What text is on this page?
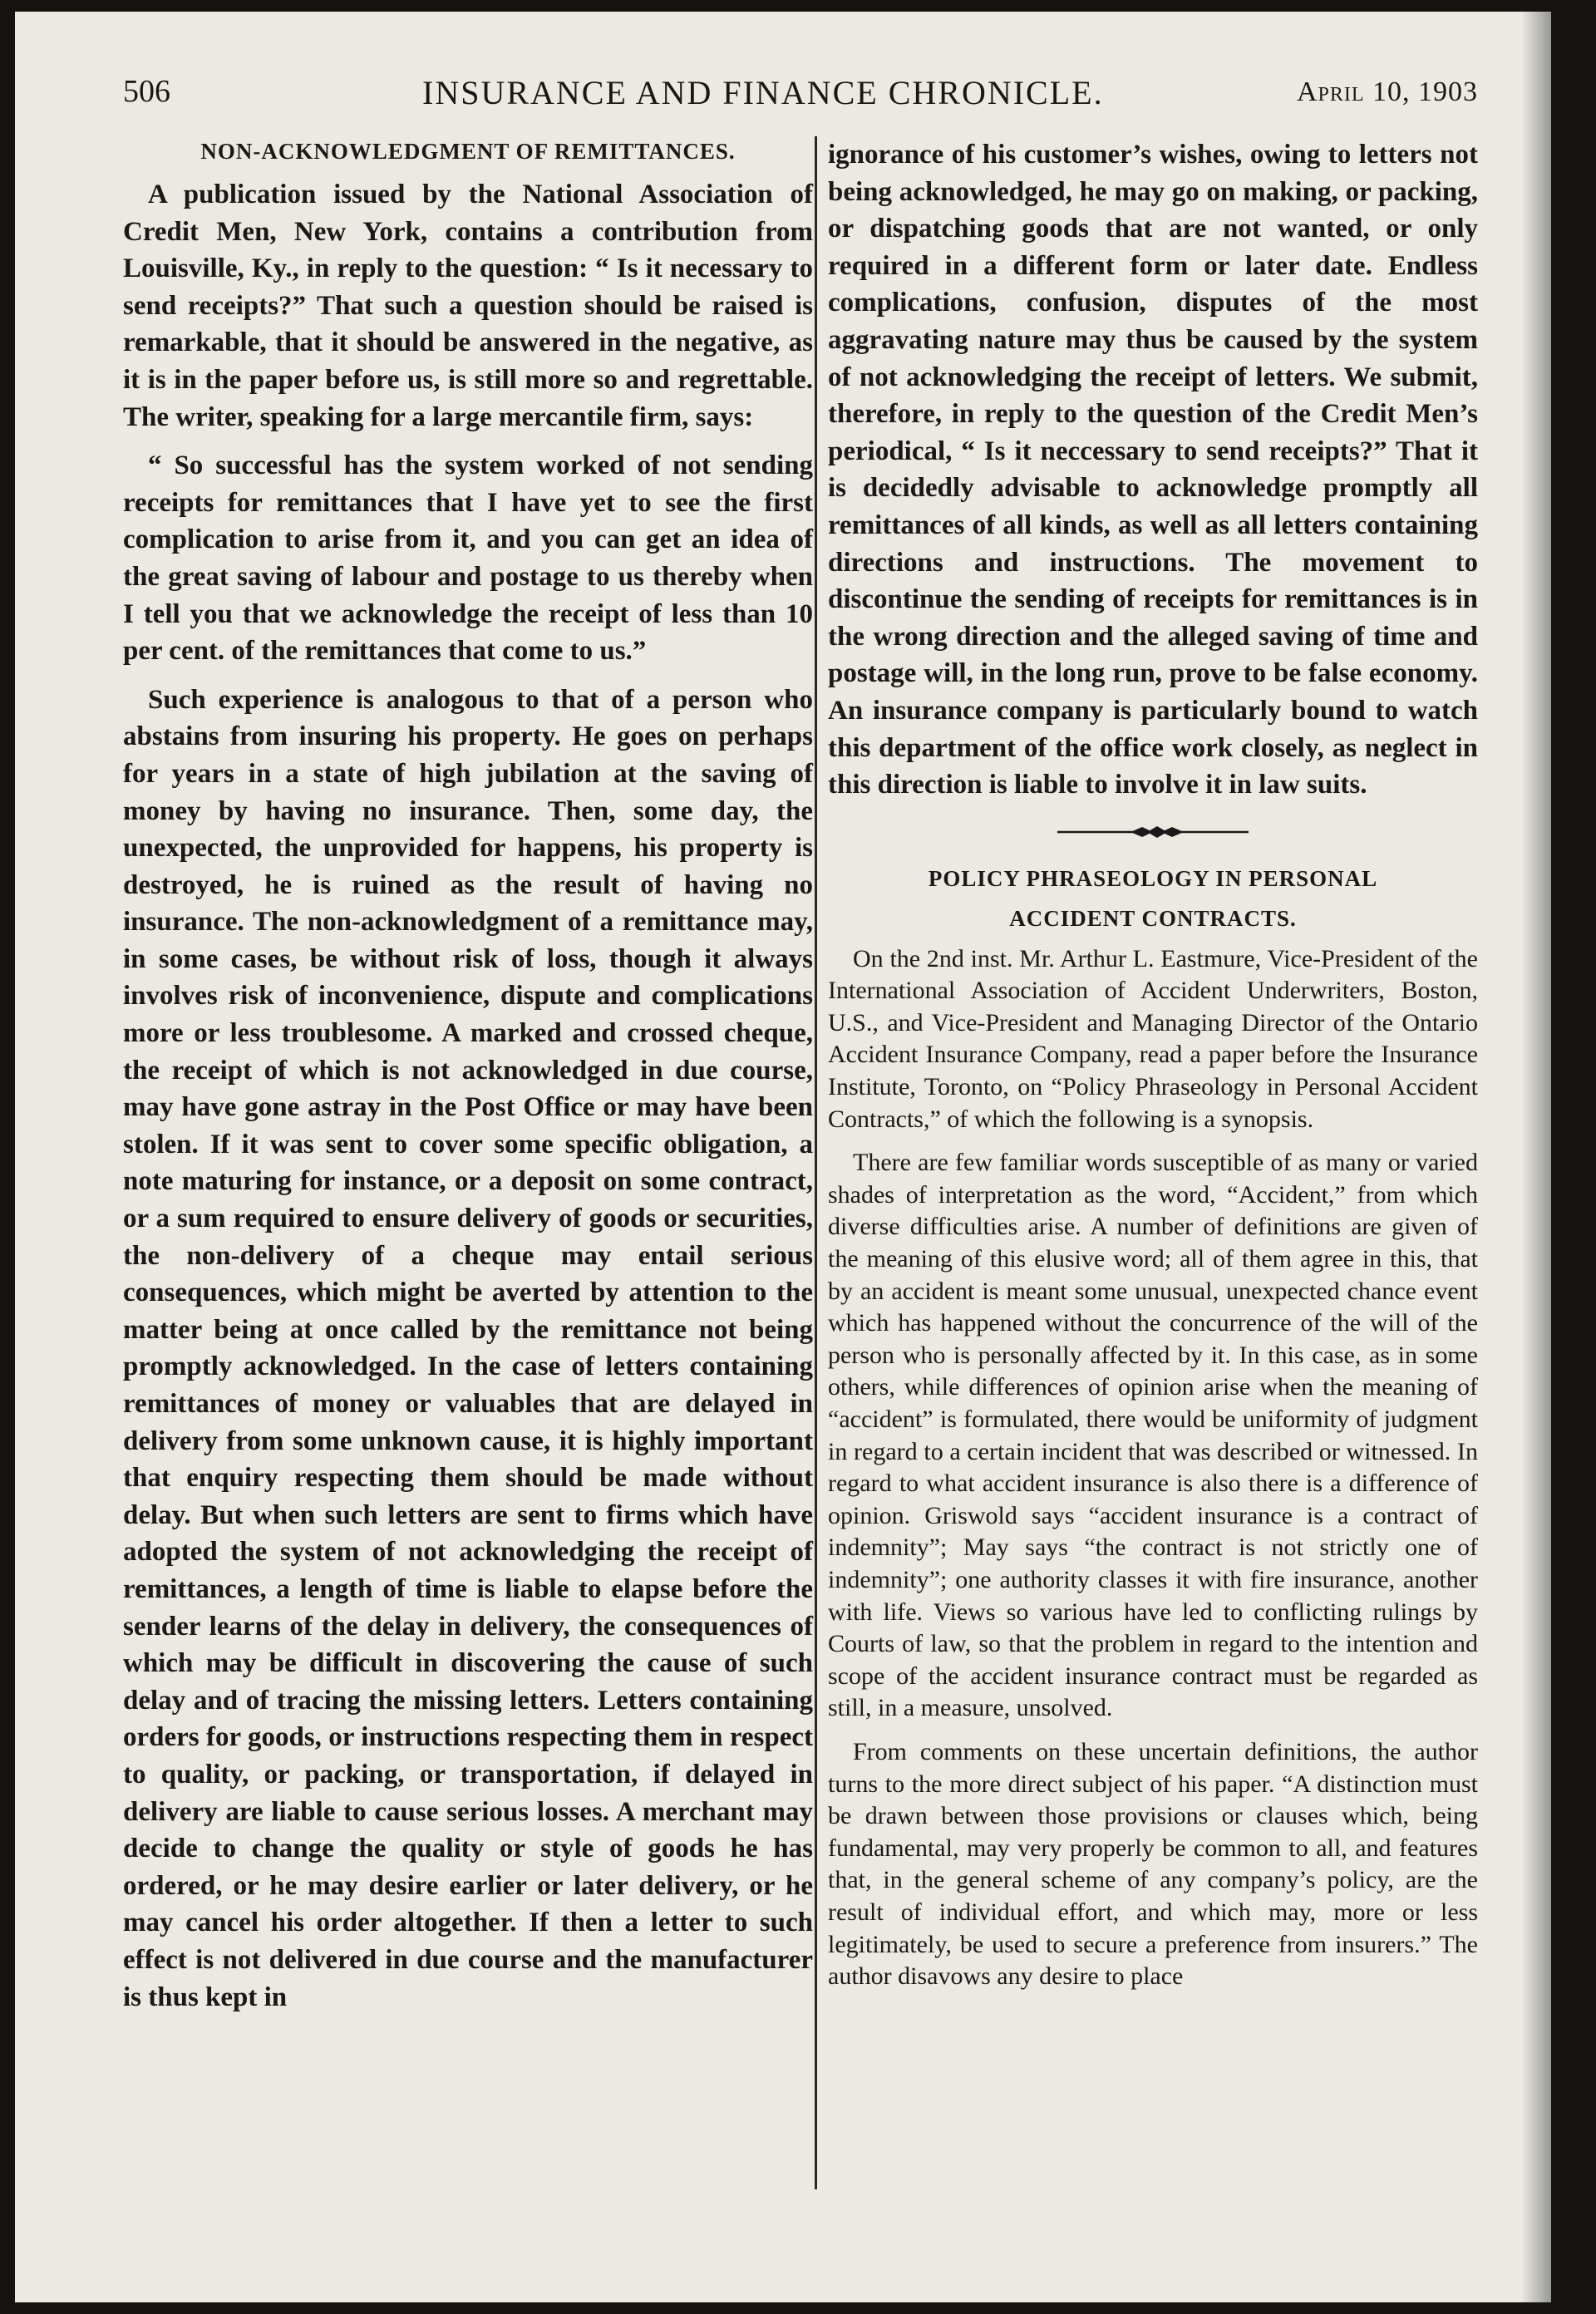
506	INSURANCE AND FINANCE CHRONICLE.	April 10, 1903
NON-ACKNOWLEDGMENT OF REMITTANCES.

A publication issued by the National Association of Credit Men, New York, contains a contribution from Louisville, Ky., in reply to the question: “ Is it necessary to send receipts?” That such a question should be raised is remarkable, that it should be answered in the negative, as it is in the paper before us, is still more so and regrettable. The writer, speaking for a large mercantile firm, says:

“ So successful has the system worked of not sending receipts for remittances that I have yet to see the first complication to arise from it, and you can get an idea of the great saving of labour and postage to us thereby when I tell you that we acknowledge the receipt of less than 10 per cent. of the remittances that come to us.”

Such experience is analogous to that of a person who abstains from insuring his property. He goes on perhaps for years in a state of high jubilation at the saving of money by having no insurance. Then, some day, the unexpected, the unprovided for happens, his property is destroyed, he is ruined as the result of having no insurance. The non-acknowledgment of a remittance may, in some cases, be without risk of loss, though it always involves risk of inconvenience, dispute and complications more or less troublesome. A marked and crossed cheque, the receipt of which is not acknowledged in due course, may have gone astray in the Post Office or may have been stolen. If it was sent to cover some specific obligation, a note maturing for instance, or a deposit on some contract, or a sum required to ensure delivery of goods or securities, the non-delivery of a cheque may entail serious consequences, which might be averted by attention to the matter being at once called by the remittance not being promptly acknowledged. In the case of letters containing remittances of money or valuables that are delayed in delivery from some unknown cause, it is highly important that enquiry respecting them should be made without delay. But when such letters are sent to firms which have adopted the system of not acknowledging the receipt of remittances, a length of time is liable to elapse before the sender learns of the delay in delivery, the consequences of which may be difficult in discovering the cause of such delay and of tracing the missing letters. Letters containing orders for goods, or instructions respecting them in respect to quality, or packing, or transportation, if delayed in delivery are liable to cause serious losses. A merchant may decide to change the quality or style of goods he has ordered, or he may desire earlier or later delivery, or he may cancel his order altogether. If then a letter to such effect is not delivered in due course and the manufacturer is thus kept in

ignorance of his customer’s wishes, owing to letters not being acknowledged, he may go on making, or packing, or dispatching goods that are not wanted, or only required in a different form or later date. Endless complications, confusion, disputes of the most aggravating nature may thus be caused by the system of not acknowledging the receipt of letters. We submit, therefore, in reply to the question of the Credit Men’s periodical, “ Is it neccessary to send receipts?” That it is decidedly advisable to acknowledge promptly all remittances of all kinds, as well as all letters containing directions and instructions. The movement to discontinue the sending of receipts for remittances is in the wrong direction and the alleged saving of time and postage will, in the long run, prove to be false economy. An insurance company is particularly bound to watch this department of the office work closely, as neglect in this direction is liable to involve it in law suits.

POLICY PHRASEOLOGY IN PERSONAL
ACCIDENT CONTRACTS.

On the 2nd inst. Mr. Arthur L. Eastmure, Vice-President of the International Association of Accident Underwriters, Boston, U.S., and Vice-President and Managing Director of the Ontario Accident Insurance Company, read a paper before the Insurance Institute, Toronto, on “Policy Phraseology in Personal Accident Contracts,” of which the following is a synopsis.

There are few familiar words susceptible of as many or varied shades of interpretation as the word, “Accident,” from which diverse difficulties arise. A number of definitions are given of the meaning of this elusive word; all of them agree in this, that by an accident is meant some unusual, unexpected chance event which has happened without the concurrence of the will of the person who is personally affected by it. In this case, as in some others, while differences of opinion arise when the meaning of “accident” is formulated, there would be uniformity of judgment in regard to a certain incident that was described or witnessed. In regard to what accident insurance is also there is a difference of opinion. Griswold says “accident insurance is a contract of indemnity”; May says “the contract is not strictly one of indemnity”; one authority classes it with fire insurance, another with life. Views so various have led to conflicting rulings by Courts of law, so that the problem in regard to the intention and scope of the accident insurance contract must be regarded as still, in a measure, unsolved.

From comments on these uncertain definitions, the author turns to the more direct subject of his paper. “A distinction must be drawn between those provisions or clauses which, being fundamental, may very properly be common to all, and features that, in the general scheme of any company’s policy, are the result of individual effort, and which may, more or less legitimately, be used to secure a preference from insurers.” The author disavows any desire to place
